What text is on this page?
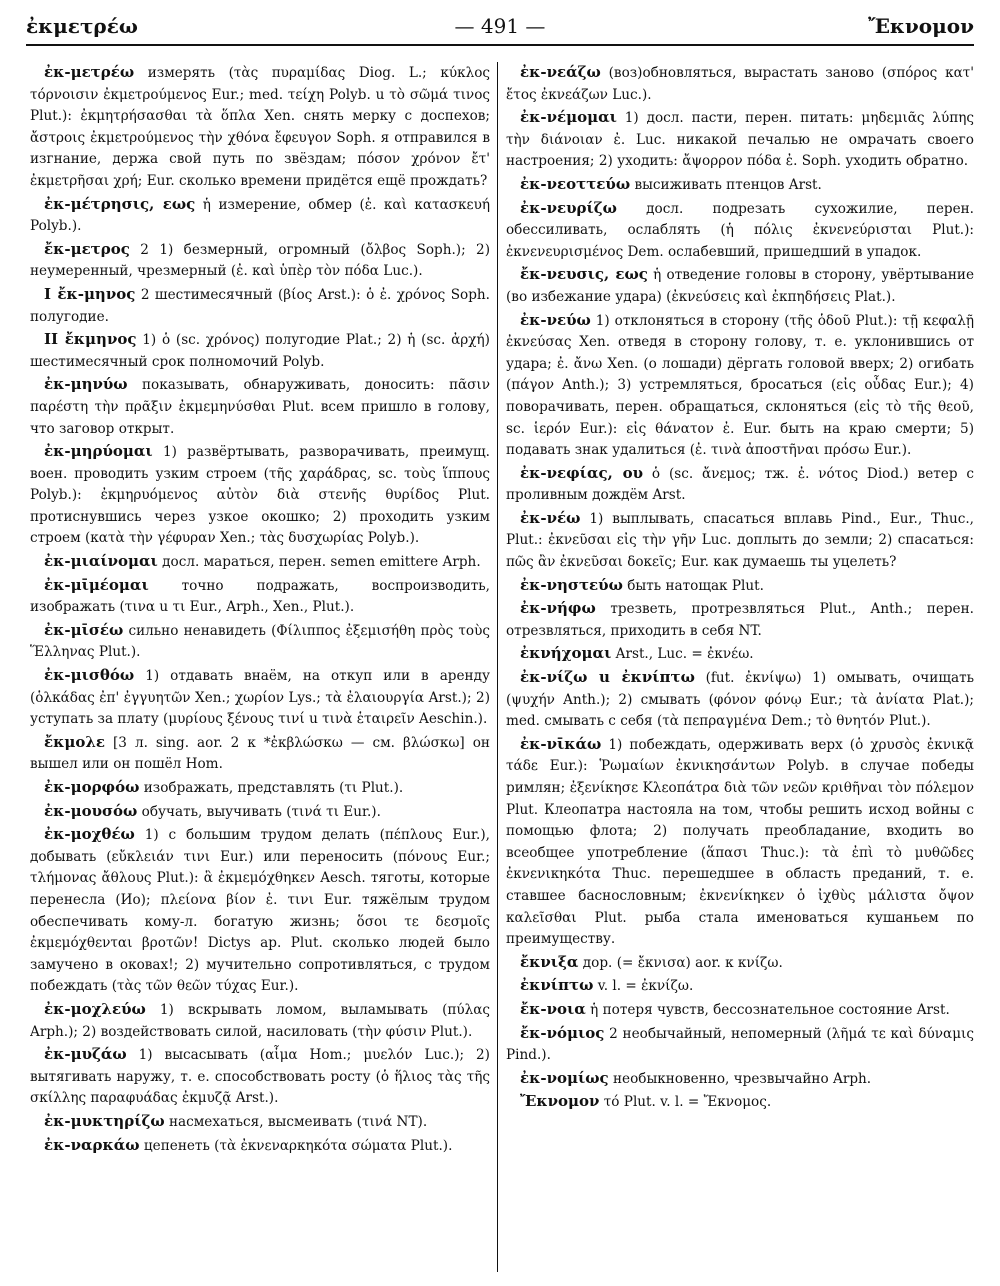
ἐκμετρέω	— 491 —	Ἔκνομον

ἐκ-μετρέω измерять (τὰς πυραμίδας Diog. L.; κύκλος τόρνοισιν ἐκμετρούμενος Eur.; med. τείχη Polyb. u τὸ σῶμά τινος Plut.): ἐκμητρήσασθαι τὰ ὅπλα Xen. снять мерку с доспехов; ἄστροις ἐκμετρούμενος τὴν χθόνα ἔφευγον Soph. я отправился в изгнание, держа свой путь по звёздам; πόσον χρόνον ἔτ' ἐκμετρῆσαι χρή; Eur. сколько времени придётся ещё прождать?

ἐκ-μέτρησις, εως ἡ измерение, обмер (ἐ. καὶ κατασκευή Polyb.).

ἔκ-μετρος 2 1) безмерный, огромный (ὄλβος Soph.); 2) неумеренный, чрезмерный (ἐ. καὶ ὑπὲρ τὸν πόδα Luc.).

I ἔκ-μηνος 2 шестимесячный (βίος Arst.): ὁ ἐ. χρόνος Soph. полугодие.

II ἔκμηνος 1) ὁ (sc. χρόνος) полугодие Plat.; 2) ἡ (sc. ἀρχή) шестимесячный срок полномочий Polyb.

ἐκ-μηνύω показывать, обнаруживать, доносить: πᾶσιν παρέστη τὴν πρᾶξιν ἐκμεμηνύσθαι Plut. всем пришло в голову, что заговор открыт.

ἐκ-μηρύομαι 1) развёртывать, разворачивать, преимущ. воен. проводить узким строем (τῆς χαράδρας, sc. τοὺς ἵππους Polyb.): ἐκμηρυόμενος αὐτὸν διὰ στενῆς θυρίδος Plut. протиснувшись через узкое окошко; 2) проходить узким строем (κατὰ τὴν γέφυραν Xen.; τὰς δυσχωρίας Polyb.).

ἐκ-μιαίνομαι досл. мараться, перен. semen emittere Arph.

ἐκ-μῑμέομαι точно подражать, воспроизводить, изображать (τινα u τι Eur., Arph., Xen., Plut.).

ἐκ-μῑσέω сильно ненавидеть (Φίλιππος ἐξεμισήθη πρὸς τοὺς Ἕλληνας Plut.).

ἐκ-μισθόω 1) отдавать внаём, на откуп или в аренду (ὁλκάδας ἐπ' ἐγγυητῶν Xen.; χωρίον Lys.; τὰ ἐλαιουργία Arst.); 2) уступать за плату (μυρίους ξένους τινί u τινὰ ἑταιρεῖν Aeschin.).

ἔκμολε [3 л. sing. aor. 2 к *ἐκβλώσκω — см. βλώσκω] он вышел или он пошёл Hom.

ἐκ-μορφόω изображать, представлять (τι Plut.).

ἐκ-μουσόω обучать, выучивать (τινά τι Eur.).

ἐκ-μοχθέω 1) с большим трудом делать (πέπλους Eur.), добывать (εὔκλειάν τινι Eur.) или переносить (πόνους Eur.; τλήμονας ἄθλους Plut.): ἃ ἐκμεμόχθηκεν Aesch. тяготы, которые перенесла (Ио); πλείονα βίον ἐ. τινι Eur. тяжёлым трудом обеспечивать кому-л. богатую жизнь; ὅσοι τε δεσμοῖς ἐκμεμόχθενται βροτῶν! Dictys ap. Plut. сколько людей было замучено в оковах!; 2) мучительно сопротивляться, с трудом побеждать (τὰς τῶν θεῶν τύχας Eur.).

ἐκ-μοχλεύω 1) вскрывать ломом, выламывать (πύλας Arph.); 2) воздействовать силой, насиловать (τὴν φύσιν Plut.).

ἐκ-μυζάω 1) высасывать (αἷμα Hom.; μυελόν Luc.); 2) вытягивать наружу, т. е. способствовать росту (ὁ ἥλιος τὰς τῆς σκίλλης παραφυάδας ἐκμυζᾷ Arst.).

ἐκ-μυκτηρίζω насмехаться, высмеивать (τινά NT).

ἐκ-ναρκάω цепенеть (τὰ ἐκνεναρκηκότα σώματα Plut.).

ἐκ-νεάζω (воз)обновляться, вырастать заново (σπόρος κατ' ἔτος ἐκνεάζων Luc.).

ἐκ-νέμομαι 1) досл. пасти, перен. питать: μηδεμιᾶς λύπης τὴν διάνοιαν ἐ. Luc. никакой печалью не омрачать своего настроения; 2) уходить: ἄψορρον πόδα ἐ. Soph. уходить обратно.

ἐκ-νεοττεύω высиживать птенцов Arst.

ἐκ-νευρίζω досл. подрезать сухожилие, перен. обессиливать, ослаблять (ἡ πόλις ἐκνενεύρισται Plut.): ἐκνενευρισμένος Dem. ослабевший, пришедший в упадок.

ἔκ-νευσις, εως ἡ отведение головы в сторону, увёртывание (во избежание удара) (ἐκνεύσεις καὶ ἐκπηδήσεις Plat.).

ἐκ-νεύω 1) отклоняться в сторону (τῆς ὁδοῦ Plut.): τῇ κεφαλῇ ἐκνεύσας Xen. отведя в сторону голову, т. е. уклонившись от удара; ἐ. ἄνω Xen. (о лошади) дёргать головой вверх; 2) огибать (πάγον Anth.); 3) устремляться, бросаться (εἰς οὖδας Eur.); 4) поворачивать, перен. обращаться, склоняться (εἰς τὸ τῆς θεοῦ, sc. ἱερόν Eur.): εἰς θάνατον ἐ. Eur. быть на краю смерти; 5) подавать знак удалиться (ἐ. τινὰ ἀποστῆναι πρόσω Eur.).

ἐκ-νεφίας, ου ὁ (sc. ἄνεμος; тж. ἐ. νότος Diod.) ветер с проливным дождём Arst.

ἐκ-νέω 1) выплывать, спасаться вплавь Pind., Eur., Thuc., Plut.: ἐκνεῦσαι εἰς τὴν γῆν Luc. доплыть до земли; 2) спасаться: πῶς ἂν ἐκνεῦσαι δοκεῖς; Eur. как думаешь ты уцелеть?

ἐκ-νηστεύω быть натощак Plut.

ἐκ-νήφω трезветь, протрезвляться Plut., Anth.; перен. отрезвляться, приходить в себя NT.

ἐκνήχομαι Arst., Luc. = ἐκνέω.

ἐκ-νίζω u ἐκνίπτω (fut. ἐκνίψω) 1) омывать, очищать (ψυχήν Anth.); 2) смывать (φόνον φόνῳ Eur.; τὰ ἀνίατα Plat.); med. смывать с себя (τὰ πεπραγμένα Dem.; τὸ θνητόν Plut.).

ἐκ-νῑκάω 1) побеждать, одерживать верх (ὁ χρυσὸς ἐκνικᾷ τάδε Eur.): Ῥωμαίων ἐκνικησάντων Polyb. в случае победы римлян; ἐξενίκησε Κλεοπάτρα διὰ τῶν νεῶν κριθῆναι τὸν πόλεμον Plut. Клеопатра настояла на том, чтобы решить исход войны с помощью флота; 2) получать преобладание, входить во всеобщее употребление (ἅπασι Thuc.): τὰ ἐπὶ τὸ μυθῶδες ἐκνενικηκότα Thuc. перешедшее в область преданий, т. е. ставшее баснословным; ἐκνενίκηκεν ὁ ἰχθὺς μάλιστα ὄψον καλεῖσθαι Plut. рыба стала именоваться кушаньем по преимуществу.

ἔκνιξα дор. (= ἔκνισα) aor. к κνίζω.

ἐκνίπτω v. l. = ἐκνίζω.

ἔκ-νοια ἡ потеря чувств, бессознательное состояние Arst.

ἔκ-νόμιος 2 необычайный, непомерный (λῆμά τε καὶ δύναμις Pind.).

ἐκ-νομίως необыкновенно, чрезвычайно Arph.

Ἔκνομον τό Plut. v. l. = Ἔκνομος.
